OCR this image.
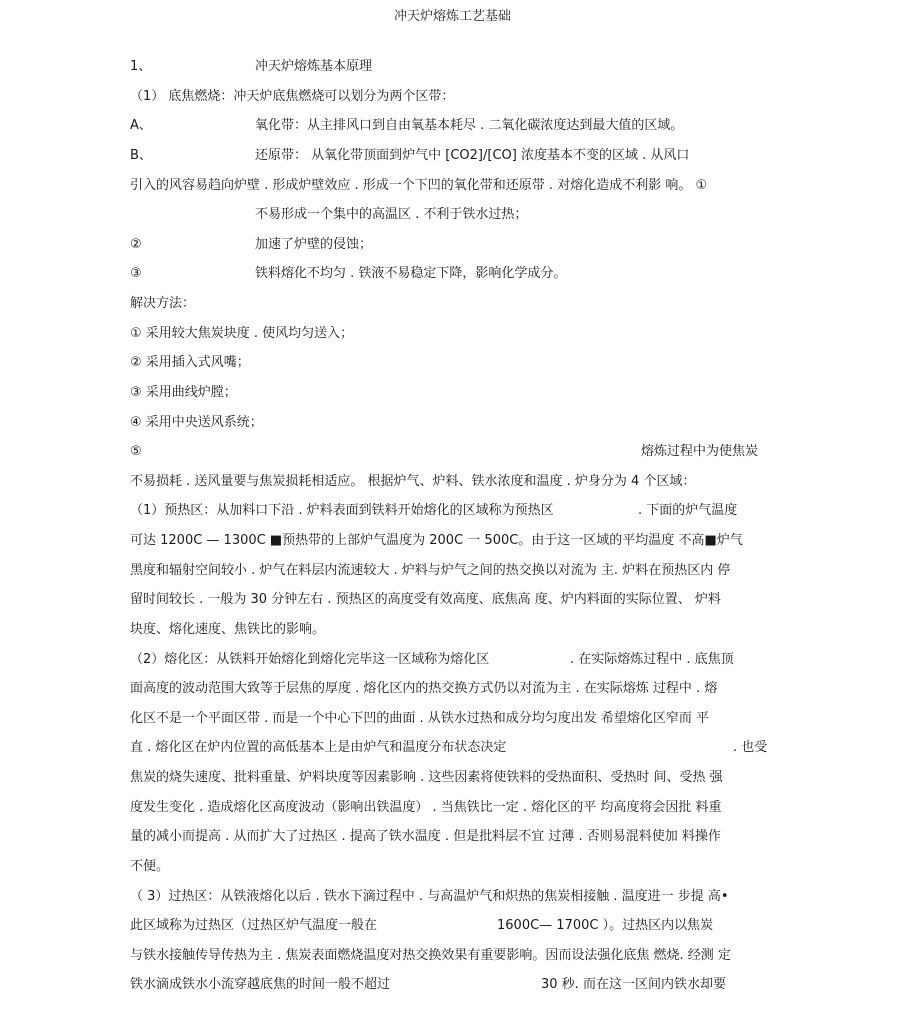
冲天炉熔炼工艺基础
1、	冲天炉熔炼基本原理
（1） 底焦燃烧：冲天炉底焦燃烧可以划分为两个区带：
A、	氧化带：从主排风口到自由氧基本耗尽 . 二氧化碳浓度达到最大值的区域。
B、	还原带： 从氧化带顶面到炉气中 [CO2]/[CO] 浓度基本不变的区域 . 从风口
引入的风容易趋向炉壁 . 形成炉壁效应 . 形成一个下凹的氧化带和还原带 . 对熔化造成不利影 响。 ①
不易形成一个集中的高温区 . 不利于铁水过热；
②	加速了炉壁的侵蚀；
③	铁料熔化不均匀 . 铁液不易稳定下降，影响化学成分。
解决方法：
① 采用较大焦炭块度 . 使风均匀送入；
② 采用插入式风嘴；
③ 采用曲线炉膛；
④ 采用中央送风系统；
⑤	熔炼过程中为使焦炭
不易损耗 . 送风量要与焦炭损耗相适应。 根据炉气、炉料、铁水浓度和温度 . 炉身分为 4 个区域：
（1）预热区：从加料口下沿 . 炉料表面到铁料开始熔化的区域称为预热区	. 下面的炉气温度
可达 1200C — 1300C ■预热带的上部炉气温度为 200C 一 500C。由于这一区域的平均温度 不高■炉气
黑度和辐射空间较小 . 炉气在料层内流速较大 . 炉料与炉气之间的热交换以对流为 主. 炉料在预热区内 停
留时间较长 . 一般为 30 分钟左右 . 预热区的高度受有效高度、底焦高 度、炉内料面的实际位置、 炉料
块度、熔化速度、焦铁比的影响。
（2）熔化区：从铁料开始熔化到熔化完毕这一区域称为熔化区	. 在实际熔炼过程中 . 底焦顶
面高度的波动范围大致等于层焦的厚度 . 熔化区内的热交换方式仍以对流为主 . 在实际熔炼 过程中 . 熔
化区不是一个平面区带 . 而是一个中心下凹的曲面 . 从铁水过热和成分均匀度出发 希望熔化区窄而 平
直 . 熔化区在炉内位置的高低基本上是由炉气和温度分布状态决定	. 也受
焦炭的烧失速度、批料重量、炉料块度等因素影响 . 这些因素将使铁料的受热面积、受热时 间、受热 强
度发生变化 . 造成熔化区高度波动（影响出铁温度） . 当焦铁比一定 . 熔化区的平 均高度将会因批 料重
量的减小而提高 . 从而扩大了过热区 . 提高了铁水温度 . 但是批料层不宜 过薄 . 否则易混料使加 料操作
不便。
（ 3）过热区：从铁液熔化以后 . 铁水下滴过程中 . 与高温炉气和炽热的焦炭相接触 . 温度进一 步提 高•
此区域称为过热区（过热区炉气温度一般在	1600C— 1700C ）。过热区内以焦炭
与铁水接触传导传热为主 . 焦炭表面燃烧温度对热交换效果有重要影响。因而设法强化底焦 燃烧. 经测 定
铁水滴成铁水小流穿越底焦的时间一般不超过	30 秒. 而在这一区间内铁水却要
